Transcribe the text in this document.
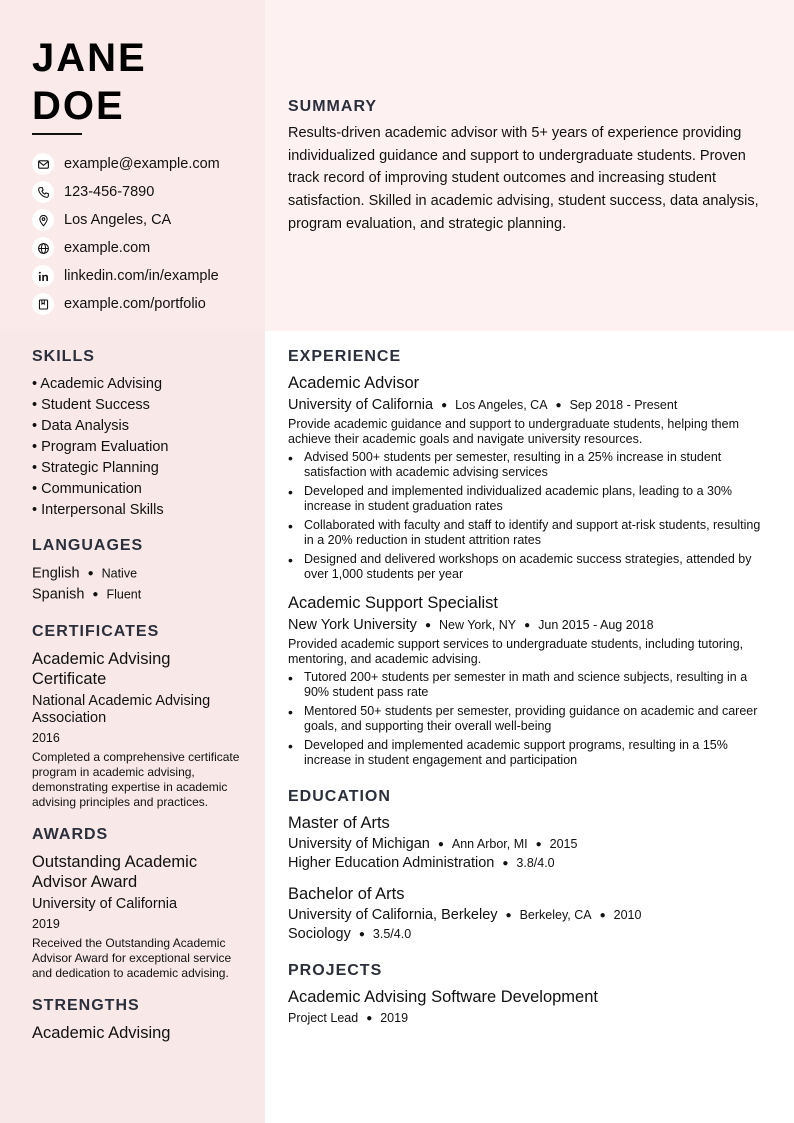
JANE
DOE
example@example.com
123-456-7890
Los Angeles, CA
example.com
linkedin.com/in/example
example.com/portfolio
SUMMARY

Results-driven academic advisor with 5+ years of experience providing individualized guidance and support to undergraduate students. Proven track record of improving student outcomes and increasing student satisfaction. Skilled in academic advising, student success, data analysis, program evaluation, and strategic planning.

SKILLS
• Academic Advising
• Student Success
• Data Analysis
• Program Evaluation
• Strategic Planning
• Communication
• Interpersonal Skills
LANGUAGES
English ● Native
Spanish ● Fluent
CERTIFICATES
Academic Advising Certificate
National Academic Advising Association
2016
Completed a comprehensive certificate program in academic advising, demonstrating expertise in academic advising principles and practices.
AWARDS
Outstanding Academic Advisor Award
University of California
2019
Received the Outstanding Academic Advisor Award for exceptional service and dedication to academic advising.
STRENGTHS
Academic Advising
EXPERIENCE
Academic Advisor
University of California ● Los Angeles, CA ● Sep 2018 - Present
Provide academic guidance and support to undergraduate students, helping them achieve their academic goals and navigate university resources.
• Advised 500+ students per semester, resulting in a 25% increase in student satisfaction with academic advising services
• Developed and implemented individualized academic plans, leading to a 30% increase in student graduation rates
• Collaborated with faculty and staff to identify and support at-risk students, resulting in a 20% reduction in student attrition rates
• Designed and delivered workshops on academic success strategies, attended by over 1,000 students per year
Academic Support Specialist
New York University ● New York, NY ● Jun 2015 - Aug 2018
Provided academic support services to undergraduate students, including tutoring, mentoring, and academic advising.
• Tutored 200+ students per semester in math and science subjects, resulting in a 90% student pass rate
• Mentored 50+ students per semester, providing guidance on academic and career goals, and supporting their overall well-being
• Developed and implemented academic support programs, resulting in a 15% increase in student engagement and participation
EDUCATION
Master of Arts
University of Michigan ● Ann Arbor, MI ● 2015
Higher Education Administration ● 3.8/4.0
Bachelor of Arts
University of California, Berkeley ● Berkeley, CA ● 2010
Sociology ● 3.5/4.0
PROJECTS
Academic Advising Software Development
Project Lead ● 2019
